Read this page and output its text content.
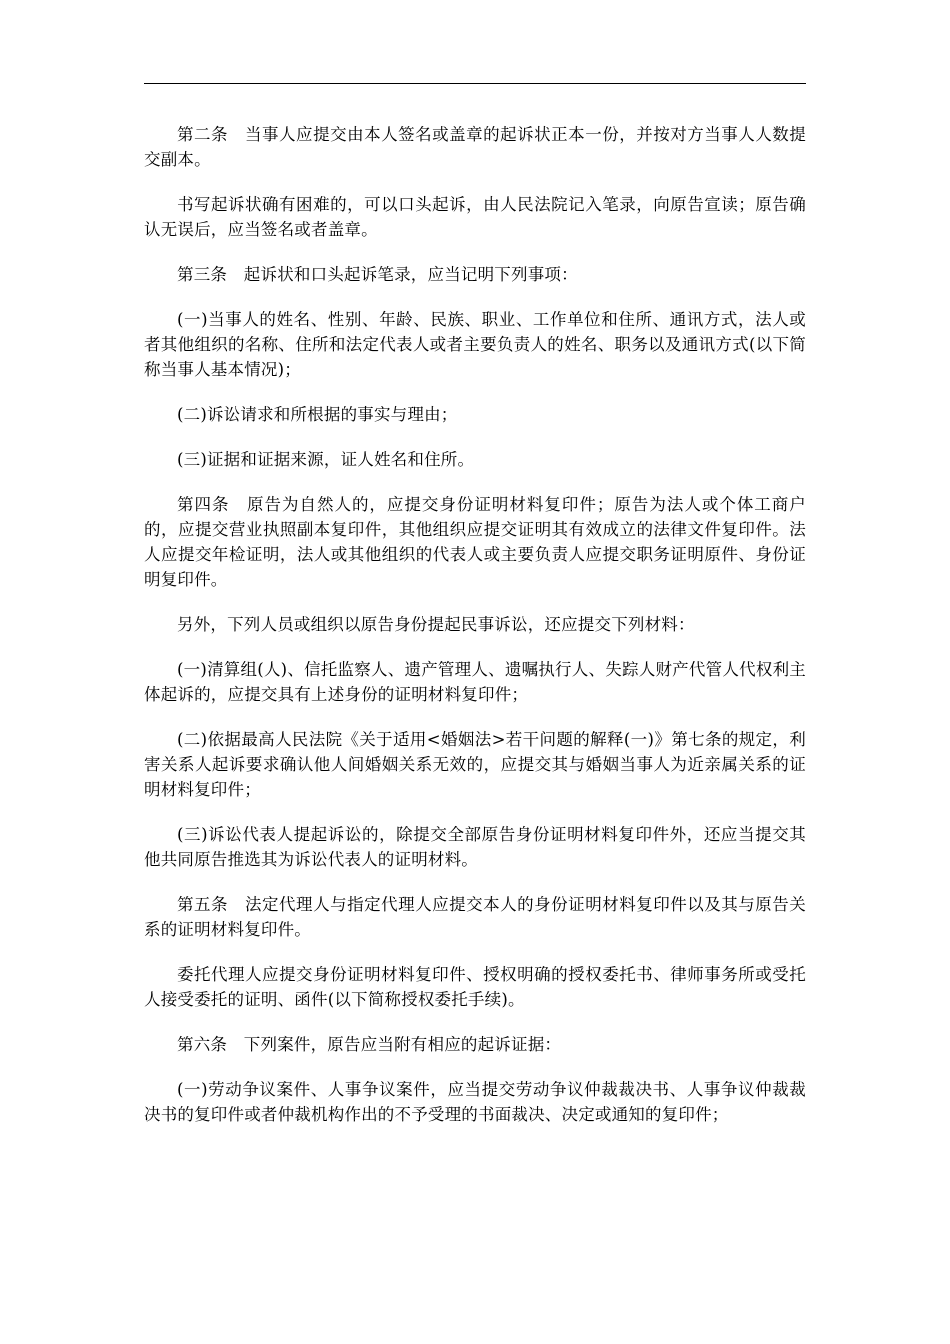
第二条　当事人应提交由本人签名或盖章的起诉状正本一份，并按对方当事人人数提交副本。

书写起诉状确有困难的，可以口头起诉，由人民法院记入笔录，向原告宣读；原告确认无误后，应当签名或者盖章。

第三条　起诉状和口头起诉笔录，应当记明下列事项：

(一)当事人的姓名、性别、年龄、民族、职业、工作单位和住所、通讯方式，法人或者其他组织的名称、住所和法定代表人或者主要负责人的姓名、职务以及通讯方式(以下简称当事人基本情况)；

(二)诉讼请求和所根据的事实与理由；

(三)证据和证据来源，证人姓名和住所。

第四条　原告为自然人的，应提交身份证明材料复印件；原告为法人或个体工商户的，应提交营业执照副本复印件，其他组织应提交证明其有效成立的法律文件复印件。法人应提交年检证明，法人或其他组织的代表人或主要负责人应提交职务证明原件、身份证明复印件。

另外，下列人员或组织以原告身份提起民事诉讼，还应提交下列材料：

(一)清算组(人)、信托监察人、遗产管理人、遗嘱执行人、失踪人财产代管人代权利主体起诉的，应提交具有上述身份的证明材料复印件；

(二)依据最高人民法院《关于适用<婚姻法>若干问题的解释(一)》第七条的规定，利害关系人起诉要求确认他人间婚姻关系无效的，应提交其与婚姻当事人为近亲属关系的证明材料复印件；

(三)诉讼代表人提起诉讼的，除提交全部原告身份证明材料复印件外，还应当提交其他共同原告推选其为诉讼代表人的证明材料。

第五条　法定代理人与指定代理人应提交本人的身份证明材料复印件以及其与原告关系的证明材料复印件。

委托代理人应提交身份证明材料复印件、授权明确的授权委托书、律师事务所或受托人接受委托的证明、函件(以下简称授权委托手续)。

第六条　下列案件，原告应当附有相应的起诉证据：

(一)劳动争议案件、人事争议案件，应当提交劳动争议仲裁裁决书、人事争议仲裁裁决书的复印件或者仲裁机构作出的不予受理的书面裁决、决定或通知的复印件；
